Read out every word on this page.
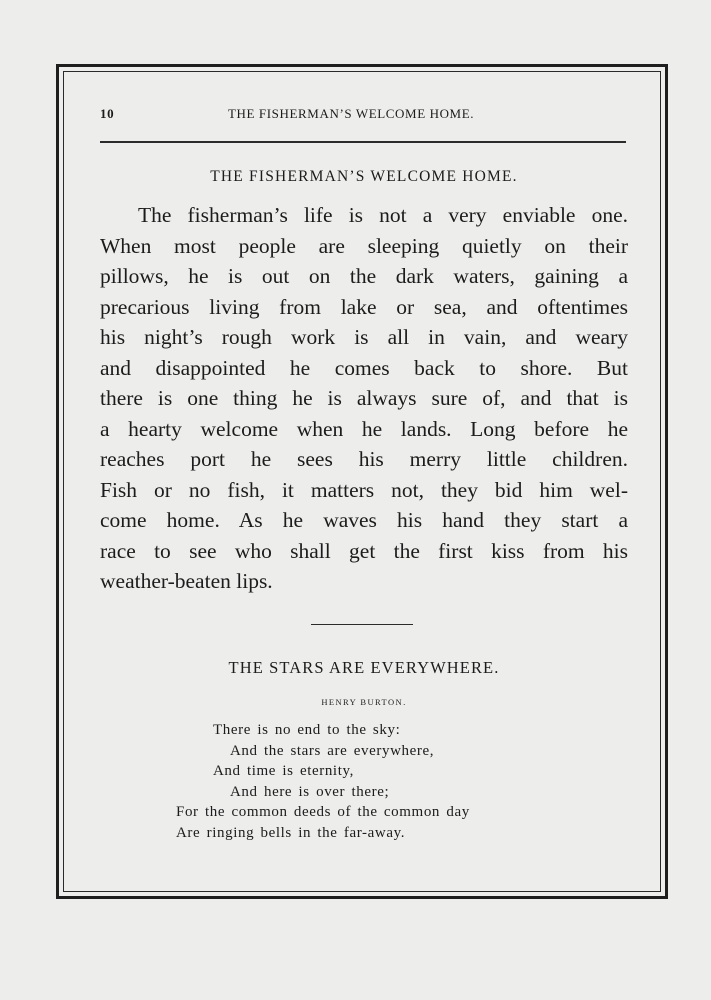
10	THE FISHERMAN’S WELCOME HOME.
THE FISHERMAN’S WELCOME HOME.
The fisherman’s life is not a very enviable one.
When most people are sleeping quietly on their
pillows, he is out on the dark waters, gaining a
precarious living from lake or sea, and oftentimes
his night’s rough work is all in vain, and weary
and disappointed he comes back to shore. But
there is one thing he is always sure of, and that is
a hearty welcome when he lands. Long before he
reaches port he sees his merry little children.
Fish or no fish, it matters not, they bid him wel-
come home. As he waves his hand they start a
race to see who shall get the first kiss from his
weather-beaten lips.
THE STARS ARE EVERYWHERE.
HENRY BURTON.
There is no end to the sky:
And the stars are everywhere,
And time is eternity,
And here is over there;
For the common deeds of the common day
Are ringing bells in the far-away.
